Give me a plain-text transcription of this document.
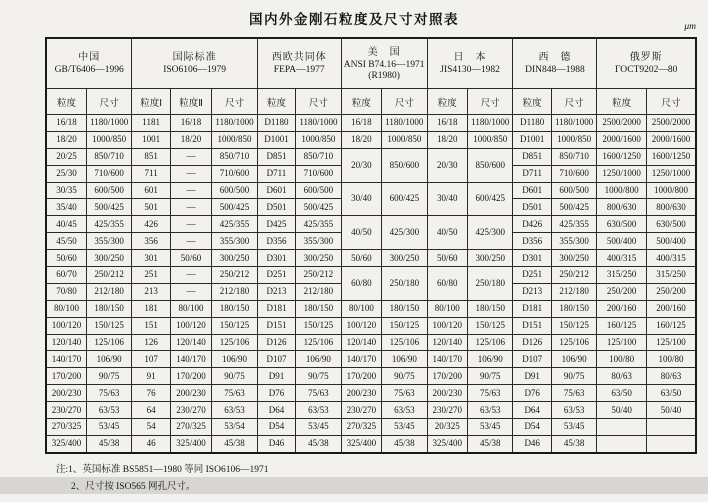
国内外金刚石粒度及尺寸对照表	μm
中国
GB/T6406—1996

国际标准
ISO6106—1979

西欧共同体
FEPA—1977

美　国
ANSI B74.16—1971
(R1980)

日　本
JIS4130—1982

西　德
DIN848—1988

俄罗斯
ГОСТ9202—80

粒度	尺寸	粒度Ⅰ	粒度Ⅱ	尺寸	粒度	尺寸	粒度	尺寸	粒度	尺寸	粒度	尺寸	粒度	尺寸
16/18	1180/1000	1181	16/18	1180/1000	D1180	1180/1000	16/18	1180/1000	16/18	1180/1000	D1180	1180/1000	2500/2000	2500/2000
18/20	1000/850	1001	18/20	1000/850	D1001	1000/850	18/20	1000/850	18/20	1000/850	D1001	1000/850	2000/1600	2000/1600
20/25	850/710	851	—	850/710	D851	850/710	20/30	850/600	20/30	850/600	D851	850/710	1600/1250	1600/1250
25/30	710/600	711	—	710/600	D711	710/600					D711	710/600	1250/1000	1250/1000
30/35	600/500	601	—	600/500	D601	600/500	30/40	600/425	30/40	600/425	D601	600/500	1000/800	1000/800
35/40	500/425	501	—	500/425	D501	500/425					D501	500/425	800/630	800/630
40/45	425/355	426	—	425/355	D425	425/355	40/50	425/300	40/50	425/300	D426	425/355	630/500	630/500
45/50	355/300	356	—	355/300	D356	355/300					D356	355/300	500/400	500/400
50/60	300/250	301	50/60	300/250	D301	300/250	50/60	300/250	50/60	300/250	D301	300/250	400/315	400/315
60/70	250/212	251	—	250/212	D251	250/212	60/80	250/180	60/80	250/180	D251	250/212	315/250	315/250
70/80	212/180	213	—	212/180	D213	212/180					D213	212/180	250/200	250/200
80/100	180/150	181	80/100	180/150	D181	180/150	80/100	180/150	80/100	180/150	D181	180/150	200/160	200/160
100/120	150/125	151	100/120	150/125	D151	150/125	100/120	150/125	100/120	150/125	D151	150/125	160/125	160/125
120/140	125/106	126	120/140	125/106	D126	125/106	120/140	125/106	120/140	125/106	D126	125/106	125/100	125/100
140/170	106/90	107	140/170	106/90	D107	106/90	140/170	106/90	140/170	106/90	D107	106/90	100/80	100/80
170/200	90/75	91	170/200	90/75	D91	90/75	170/200	90/75	170/200	90/75	D91	90/75	80/63	80/63
200/230	75/63	76	200/230	75/63	D76	75/63	200/230	75/63	200/230	75/63	D76	75/63	63/50	63/50
230/270	63/53	64	230/270	63/53	D64	63/53	230/270	63/53	230/270	63/53	D64	63/53	50/40	50/40
270/325	53/45	54	270/325	53/54	D54	53/45	270/325	53/45	20/325	53/45	D54	53/45		
325/400	45/38	46	325/400	45/38	D46	45/38	325/400	45/38	325/400	45/38	D46	45/38		
注:1、英国标准 BS5851—1980 等同 ISO6106—1971
2、尺寸按 ISO565 网孔尺寸。
